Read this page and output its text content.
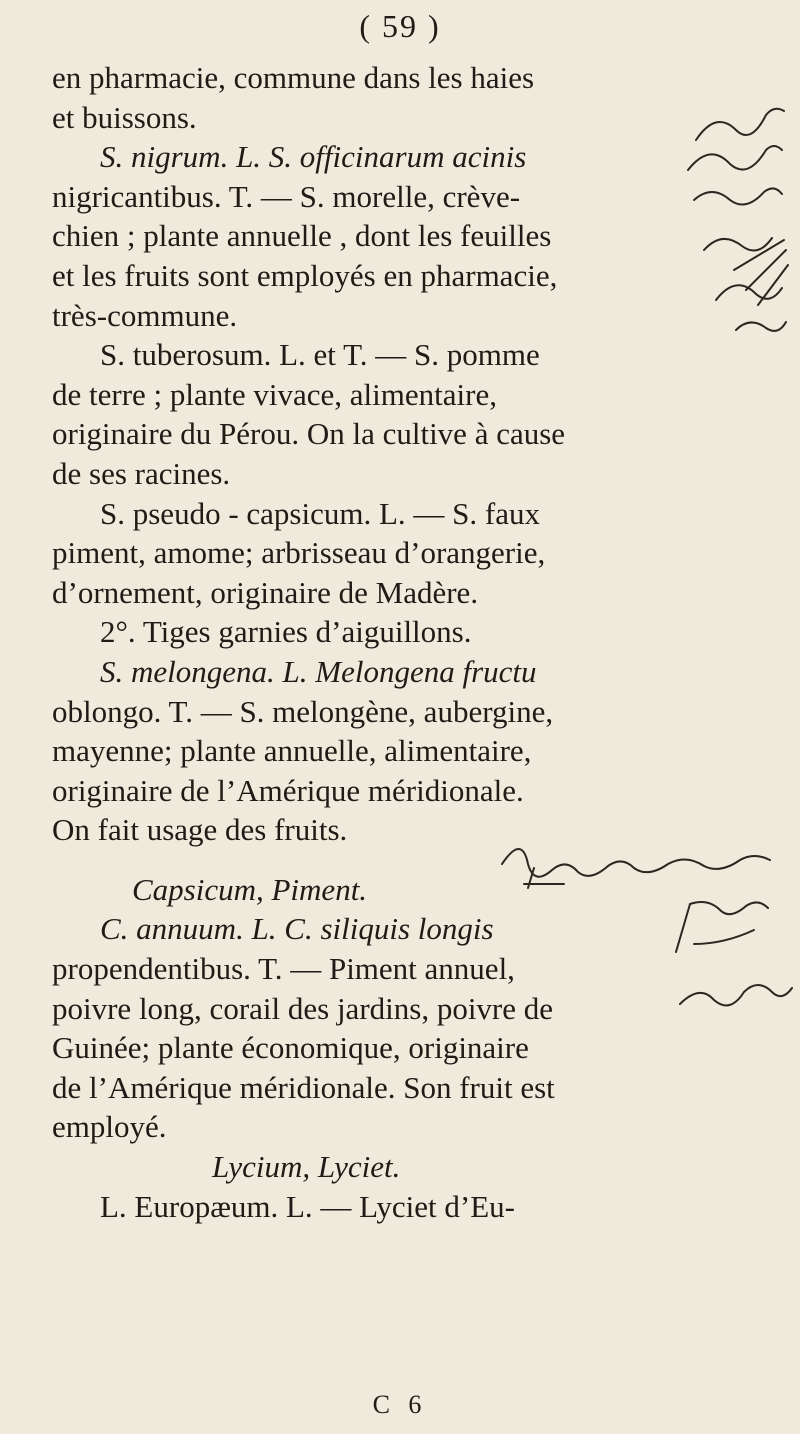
( 59 )
en pharmacie, commune dans les haies
et buissons.
S. nigrum. L. S. officinarum acinis
nigricantibus. T. — S. morelle, crève-
chien ; plante annuelle , dont les feuilles
et les fruits sont employés en pharmacie,
très-commune.
S. tuberosum. L. et T. — S. pomme
de terre ; plante vivace, alimentaire,
originaire du Pérou. On la cultive à cause
de ses racines.
S. pseudo - capsicum. L. — S. faux
piment, amome; arbrisseau d’orangerie,
d’ornement, originaire de Madère.
2°. Tiges garnies d’aiguillons.
S. melongena. L. Melongena fructu
oblongo. T. — S. melongène, aubergine,
mayenne; plante annuelle, alimentaire,
originaire de l’Amérique méridionale.
On fait usage des fruits.
Capsicum, Piment.
C. annuum. L. C. siliquis longis
propendentibus. T. — Piment annuel,
poivre long, corail des jardins, poivre de
Guinée; plante économique, originaire
de l’Amérique méridionale. Son fruit est
employé.
Lycium, Lyciet.
L. Europæum. L. — Lyciet d’Eu-
C 6
